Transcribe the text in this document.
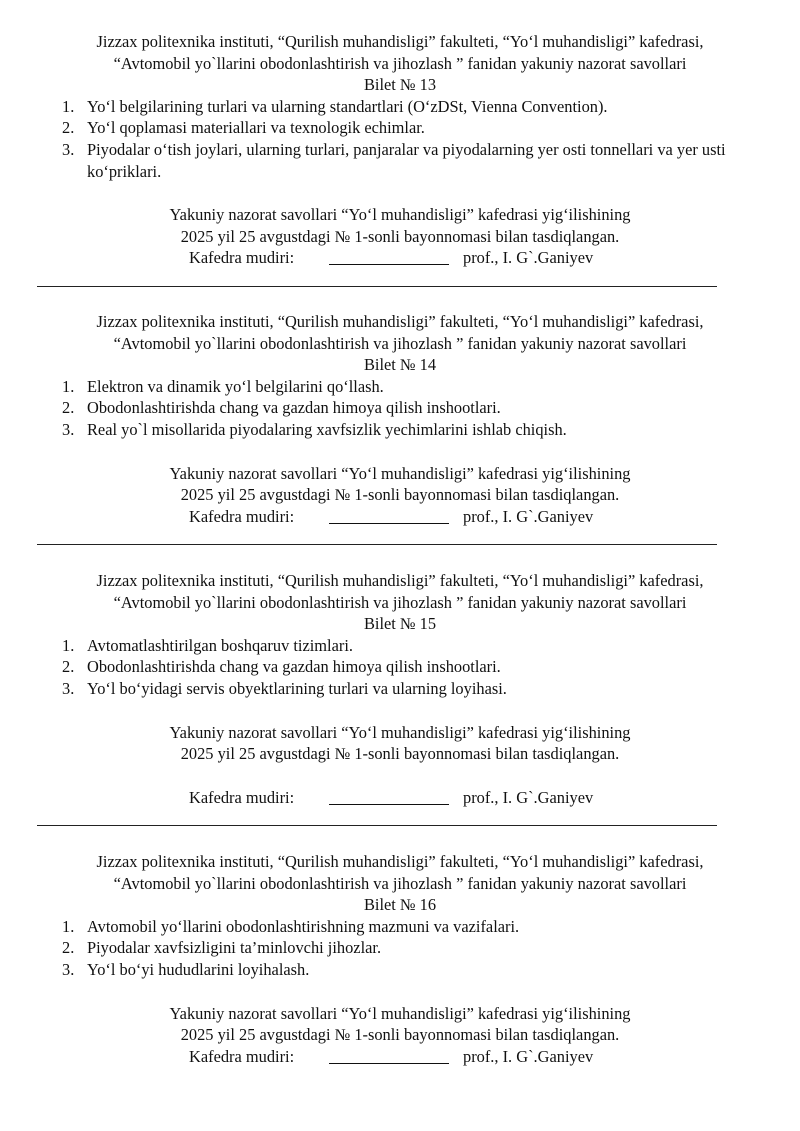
Jizzax politexnika instituti, “Qurilish muhandisligi” fakulteti, “Yo‘l muhandisligi” kafedrasi,
“Avtomobil yo`llarini obodonlashtirish va jihozlash ” fanidan yakuniy nazorat savollari
Bilet № 13
1. Yo‘l belgilarining turlari va ularning standartlari (O‘zDSt, Vienna Convention).
2. Yo‘l qoplamasi materiallari va texnologik echimlar.
3. Piyodalar o‘tish joylari, ularning turlari, panjaralar va piyodalarning yer osti tonnellari va yer usti ko‘priklari.
Yakuniy nazorat savollari “Yo‘l muhandisligi” kafedrasi yig‘ilishining
2025 yil 25 avgustdagi № 1-sonli bayonnomasi bilan tasdiqlangan.
Kafedra mudiri:	prof., I. G`.Ganiyev
Jizzax politexnika instituti, “Qurilish muhandisligi” fakulteti, “Yo‘l muhandisligi” kafedrasi,
“Avtomobil yo`llarini obodonlashtirish va jihozlash ” fanidan yakuniy nazorat savollari
Bilet № 14
1. Elektron va dinamik yo‘l belgilarini qo‘llash.
2. Obodonlashtirishda chang va gazdan himoya qilish inshootlari.
3. Real yo`l misollarida piyodalaring xavfsizlik yechimlarini ishlab chiqish.
Yakuniy nazorat savollari “Yo‘l muhandisligi” kafedrasi yig‘ilishining
2025 yil 25 avgustdagi № 1-sonli bayonnomasi bilan tasdiqlangan.
Kafedra mudiri:	prof., I. G`.Ganiyev
Jizzax politexnika instituti, “Qurilish muhandisligi” fakulteti, “Yo‘l muhandisligi” kafedrasi,
“Avtomobil yo`llarini obodonlashtirish va jihozlash ” fanidan yakuniy nazorat savollari
Bilet № 15
1. Avtomatlashtirilgan boshqaruv tizimlari.
2. Obodonlashtirishda chang va gazdan himoya qilish inshootlari.
3. Yo‘l bo‘yidagi servis obyektlarining turlari va ularning loyihasi.
Yakuniy nazorat savollari “Yo‘l muhandisligi” kafedrasi yig‘ilishining
2025 yil 25 avgustdagi № 1-sonli bayonnomasi bilan tasdiqlangan.
Kafedra mudiri:	prof., I. G`.Ganiyev
Jizzax politexnika instituti, “Qurilish muhandisligi” fakulteti, “Yo‘l muhandisligi” kafedrasi,
“Avtomobil yo`llarini obodonlashtirish va jihozlash ” fanidan yakuniy nazorat savollari
Bilet № 16
1. Avtomobil yo‘llarini obodonlashtirishning mazmuni va vazifalari.
2. Piyodalar xavfsizligini ta’minlovchi jihozlar.
3. Yo‘l bo‘yi hududlarini loyihalash.
Yakuniy nazorat savollari “Yo‘l muhandisligi” kafedrasi yig‘ilishining
2025 yil 25 avgustdagi № 1-sonli bayonnomasi bilan tasdiqlangan.
Kafedra mudiri:	prof., I. G`.Ganiyev
